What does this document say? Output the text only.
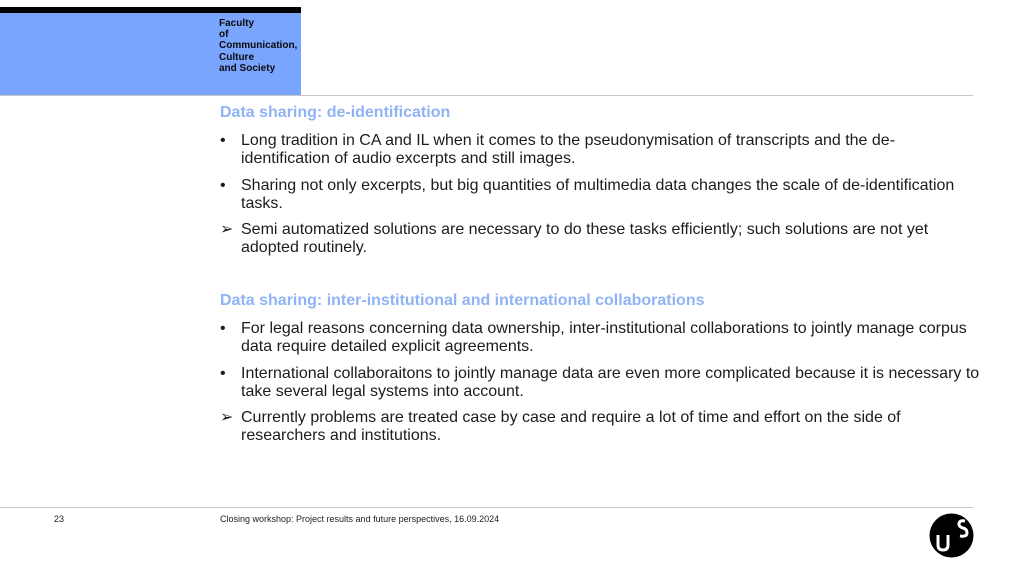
Faculty
of
Communication,
Culture
and Society
Data sharing: de-identification
• Long tradition in CA and IL when it comes to the pseudonymisation of transcripts and the de-identification of audio excerpts and still images.
• Sharing not only excerpts, but big quantities of multimedia data changes the scale of de-identification tasks.
➢ Semi automatized solutions are necessary to do these tasks efficiently; such solutions are not yet adopted routinely.
Data sharing: inter-institutional and international collaborations
• For legal reasons concerning data ownership, inter-institutional collaborations to jointly manage corpus data require detailed explicit agreements.
• International collaboraitons to jointly manage data are even more complicated because it is necessary to take several legal systems into account.
➢ Currently problems are treated case by case and require a lot of time and effort on the side of researchers and institutions.
23	Closing workshop: Project results and future perspectives, 16.09.2024
